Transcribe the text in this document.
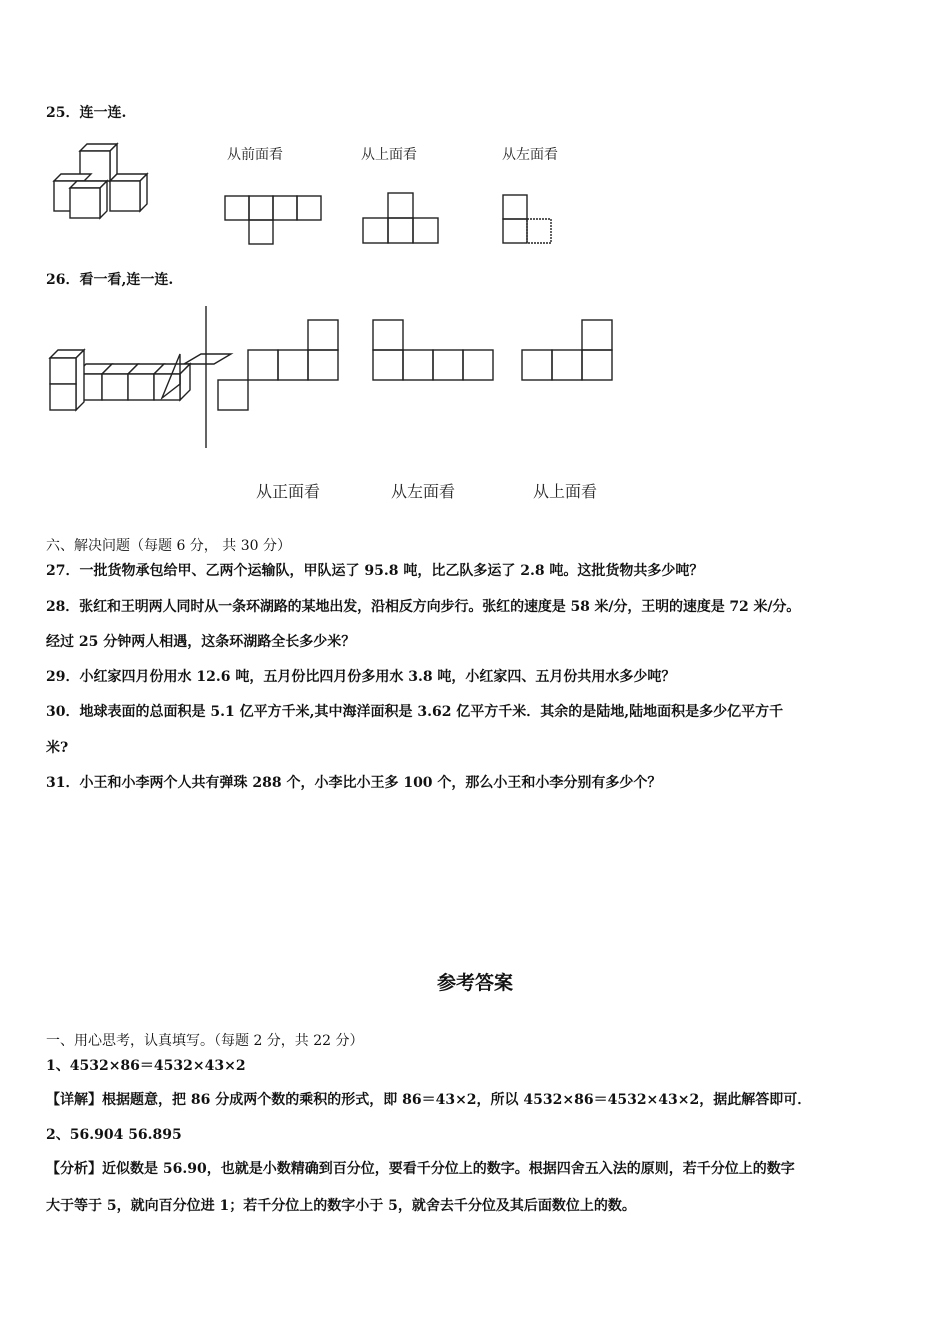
25．连一连.
从前面看	从上面看	从左面看
26．看一看,连一连.
从正面看	从左面看	从上面看
六、解决问题（每题 6 分， 共 30 分）
27．一批货物承包给甲、乙两个运输队，甲队运了 95.8 吨，比乙队多运了 2.8 吨。这批货物共多少吨？
28．张红和王明两人同时从一条环湖路的某地出发，沿相反方向步行。张红的速度是 58 米/分，王明的速度是 72 米/分。
经过 25 分钟两人相遇，这条环湖路全长多少米？
29．小红家四月份用水 12.6 吨，五月份比四月份多用水 3.8 吨，小红家四、五月份共用水多少吨？
30．地球表面的总面积是 5.1 亿平方千米,其中海洋面积是 3.62 亿平方千米．其余的是陆地,陆地面积是多少亿平方千
米?
31．小王和小李两个人共有弹珠 288 个，小李比小王多 100 个，那么小王和小李分别有多少个？
参考答案
一、用心思考，认真填写。（每题 2 分，共 22 分）
1、4532×86＝4532×43×2
【详解】根据题意，把 86 分成两个数的乘积的形式，即 86＝43×2，所以 4532×86＝4532×43×2，据此解答即可．
2、56.904 56.895
【分析】近似数是 56.90，也就是小数精确到百分位，要看千分位上的数字。根据四舍五入法的原则，若千分位上的数字
大于等于 5，就向百分位进 1；若千分位上的数字小于 5，就舍去千分位及其后面数位上的数。
